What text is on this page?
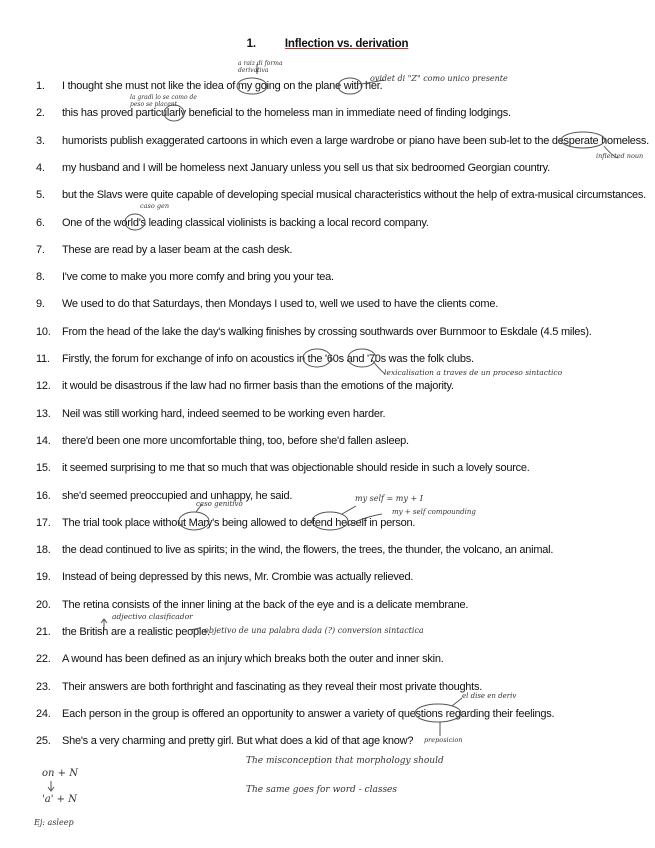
1.	Inflection vs. derivation
1.	I thought she must not like the idea of my going on the plane with her.
2.	this has proved particularly beneficial to the homeless man in immediate need of finding lodgings.
3.	humorists publish exaggerated cartoons in which even a large wardrobe or piano have been sub-let to the desperate homeless.
4.	my husband and I will be homeless next January unless you sell us that six bedroomed Georgian country.
5.	but the Slavs were quite capable of developing special musical characteristics without the help of extra-musical circumstances.
6.	One of the world's leading classical violinists is backing a local record company.
7.	These are read by a laser beam at the cash desk.
8.	I've come to make you more comfy and bring you your tea.
9.	We used to do that Saturdays, then Mondays I used to, well we used to have the clients come.
10.	From the head of the lake the day's walking finishes by crossing southwards over Burnmoor to Eskdale (4.5 miles).
11.	Firstly, the forum for exchange of info on acoustics in the '60s and '70s was the folk clubs.
12.	it would be disastrous if the law had no firmer basis than the emotions of the majority.
13.	Neil was still working hard, indeed seemed to be working even harder.
14.	there'd been one more uncomfortable thing, too, before she'd fallen asleep.
15.	it seemed surprising to me that so much that was objectionable should reside in such a lovely source.
16.	she'd seemed preoccupied and unhappy, he said.
17.	The trial took place without Mary's being allowed to defend herself in person.
18.	the dead continued to live as spirits; in the wind, the flowers, the trees, the thunder, the volcano, an animal.
19.	Instead of being depressed by this news, Mr. Crombie was actually relieved.
20.	The retina consists of the inner lining at the back of the eye and is a delicate membrane.
21.	the British are a realistic people.
22.	A wound has been defined as an injury which breaks both the outer and inner skin.
23.	Their answers are both forthright and fascinating as they reveal their most private thoughts.
24.	Each person in the group is offered an opportunity to answer a variety of questions regarding their feelings.
25.	She's a very charming and pretty girl. But what does a kid of that age know?
a raiz di forma derivativa
ovidet di "Z" como unico presente
la gradi lo se como de peso se placent
inflected noun
caso gen
lexicalisation a traves de un proceso sintactico
caso genitivo
my self = my + I
my + self compounding
adjectivo clasificador
objetivo de una palabra dada (?) conversion sintactica
el dise en deriv
preposicion
The misconception that morphology should
The same goes for word - classes
on + N
'a' + N
Ej: asleep
